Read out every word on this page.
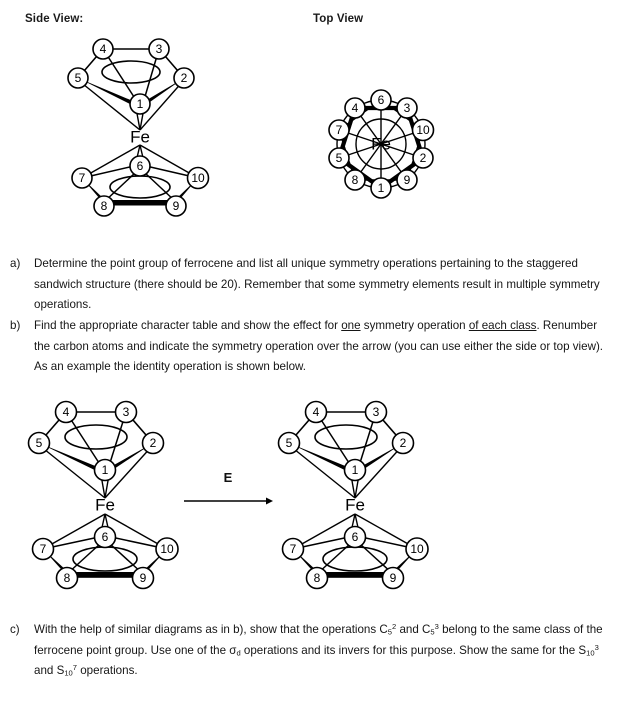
Side View:	Top View
1
2
3
4
5
6
7
8	9
10
Fe
1
2
3
4
5
6
7
8	9
10
Fe
a)	Determine the point group of ferrocene and list all unique symmetry operations pertaining to the staggered sandwich structure (there should be 20). Remember that some symmetry elements result in multiple symmetry operations.
b)	Find the appropriate character table and show the effect for one symmetry operation of each class. Renumber the carbon atoms and indicate the symmetry operation over the arrow (you can use either the side or top view). As an example the identity operation is shown below.
1
2
3
4
5
6
7
8	9
10
Fe
E	1
2
3
4
5
6
7
8	9
10
Fe
c)	With the help of similar diagrams as in b), show that the operations $C_5^2$ and $C_5^3$ belong to the same class of the ferrocene point group. Use one of the $\sigma_d$ operations and its invers for this purpose. Show the same for the $S_{10}^3$ and $S_{10}^7$ operations.
